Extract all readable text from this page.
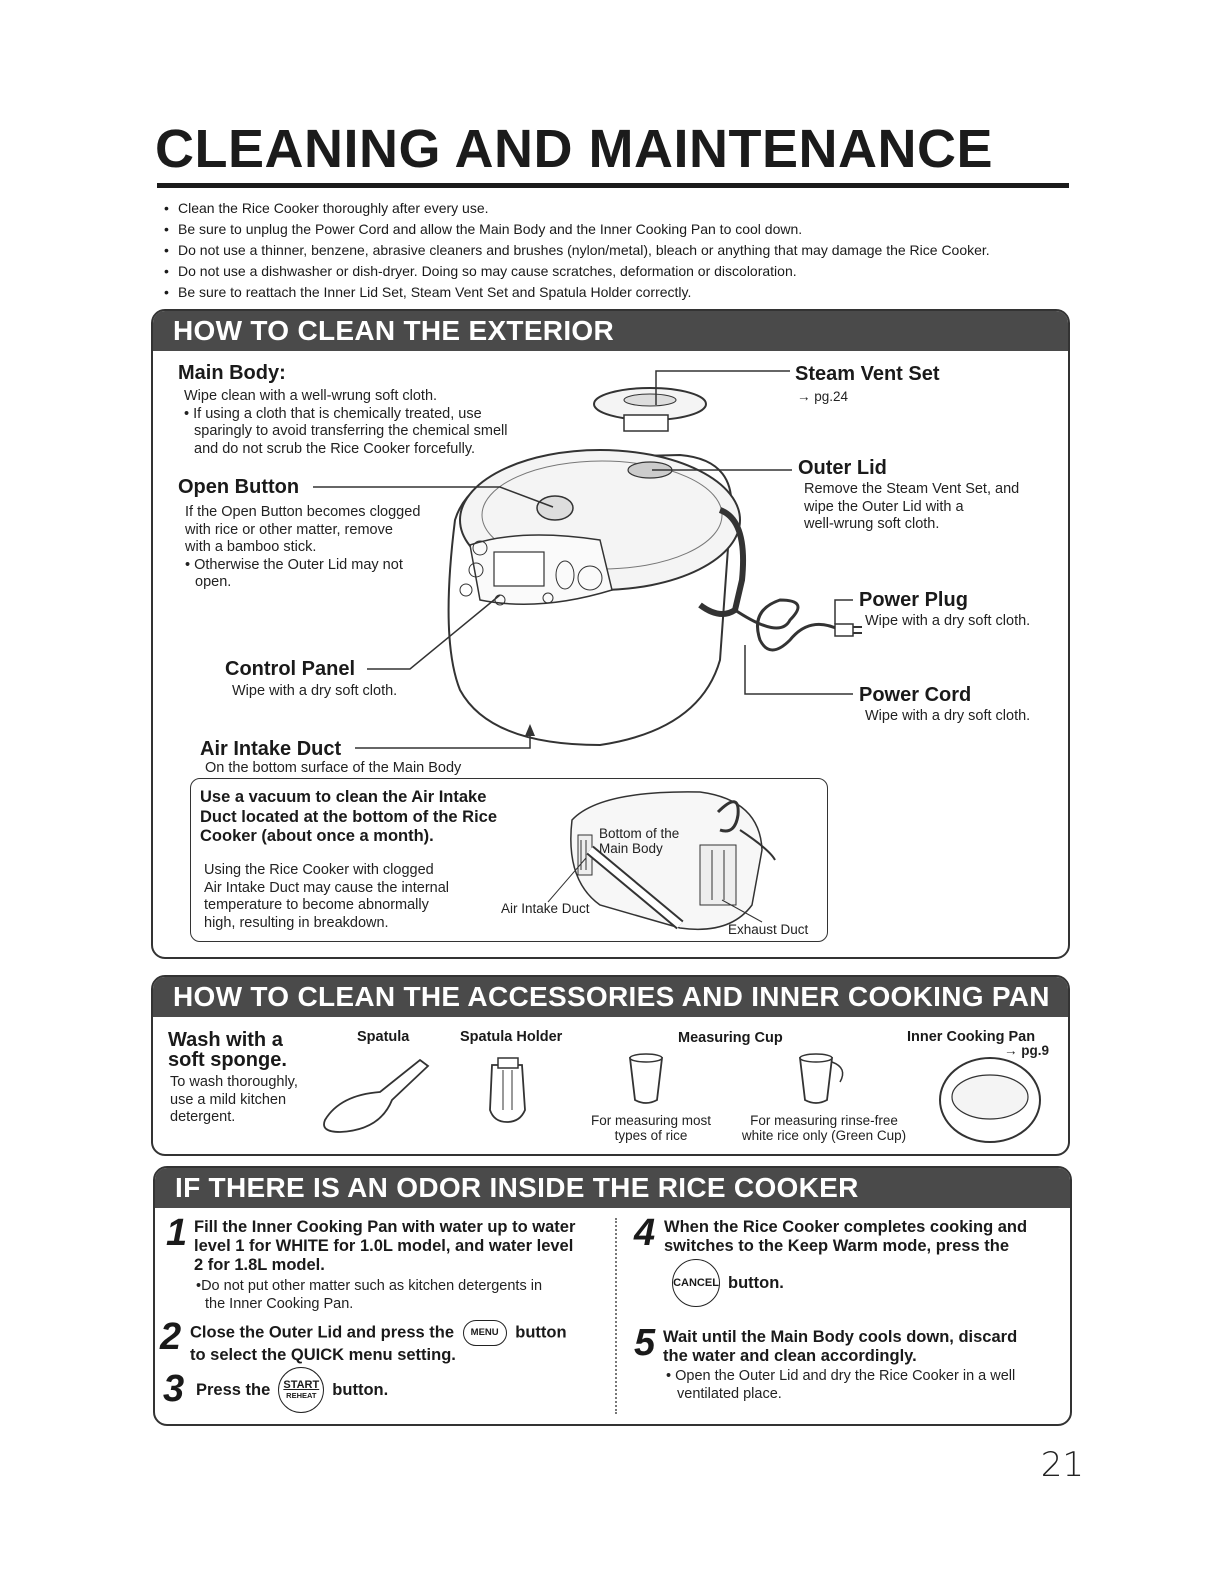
CLEANING AND MAINTENANCE
• Clean the Rice Cooker thoroughly after every use.
• Be sure to unplug the Power Cord and allow the Main Body and the Inner Cooking Pan to cool down.
• Do not use a thinner, benzene, abrasive cleaners and brushes (nylon/metal), bleach or anything that may damage the Rice Cooker.
• Do not use a dishwasher or dish-dryer. Doing so may cause scratches, deformation or discoloration.
• Be sure to reattach the Inner Lid Set, Steam Vent Set and Spatula Holder correctly.
HOW TO CLEAN THE EXTERIOR
Main Body:
Wipe clean with a well-wrung soft cloth.
• If using a cloth that is chemically treated, use
sparingly to avoid transferring the chemical smell
and do not scrub the Rice Cooker forcefully.
Open Button
If the Open Button becomes clogged
with rice or other matter, remove
with a bamboo stick.
• Otherwise the Outer Lid may not
open.
Control Panel
Wipe with a dry soft cloth.
Air Intake Duct
On the bottom surface of the Main Body
Steam Vent Set
→ pg.24
Outer Lid
Remove the Steam Vent Set, and
wipe the Outer Lid with a
well-wrung soft cloth.
Power Plug
Wipe with a dry soft cloth.
Power Cord
Wipe with a dry soft cloth.
Use a vacuum to clean the Air Intake
Duct located at the bottom of the Rice
Cooker (about once a month).
Using the Rice Cooker with clogged
Air Intake Duct may cause the internal
temperature to become abnormally
high, resulting in breakdown.
Bottom of the
Main Body
Air Intake Duct
Exhaust Duct
HOW TO CLEAN THE ACCESSORIES AND INNER COOKING PAN
Wash with a
soft sponge.
To wash thoroughly,
use a mild kitchen
detergent.
Spatula	Spatula Holder	Measuring Cup	Inner Cooking Pan
→ pg.9
For measuring most
types of rice
For measuring rinse-free
white rice only (Green Cup)
IF THERE IS AN ODOR INSIDE THE RICE COOKER
1 Fill the Inner Cooking Pan with water up to water
level 1 for WHITE for 1.0L model, and water level
2 for 1.8L model.
•Do not put other matter such as kitchen detergents in
the Inner Cooking Pan.
2 Close the Outer Lid and press the MENU button
to select the QUICK menu setting.
3 Press the START
REHEAT button.
4 When the Rice Cooker completes cooking and
switches to the Keep Warm mode, press the
CANCEL button.
5 Wait until the Main Body cools down, discard
the water and clean accordingly.
• Open the Outer Lid and dry the Rice Cooker in a well
ventilated place.
21
